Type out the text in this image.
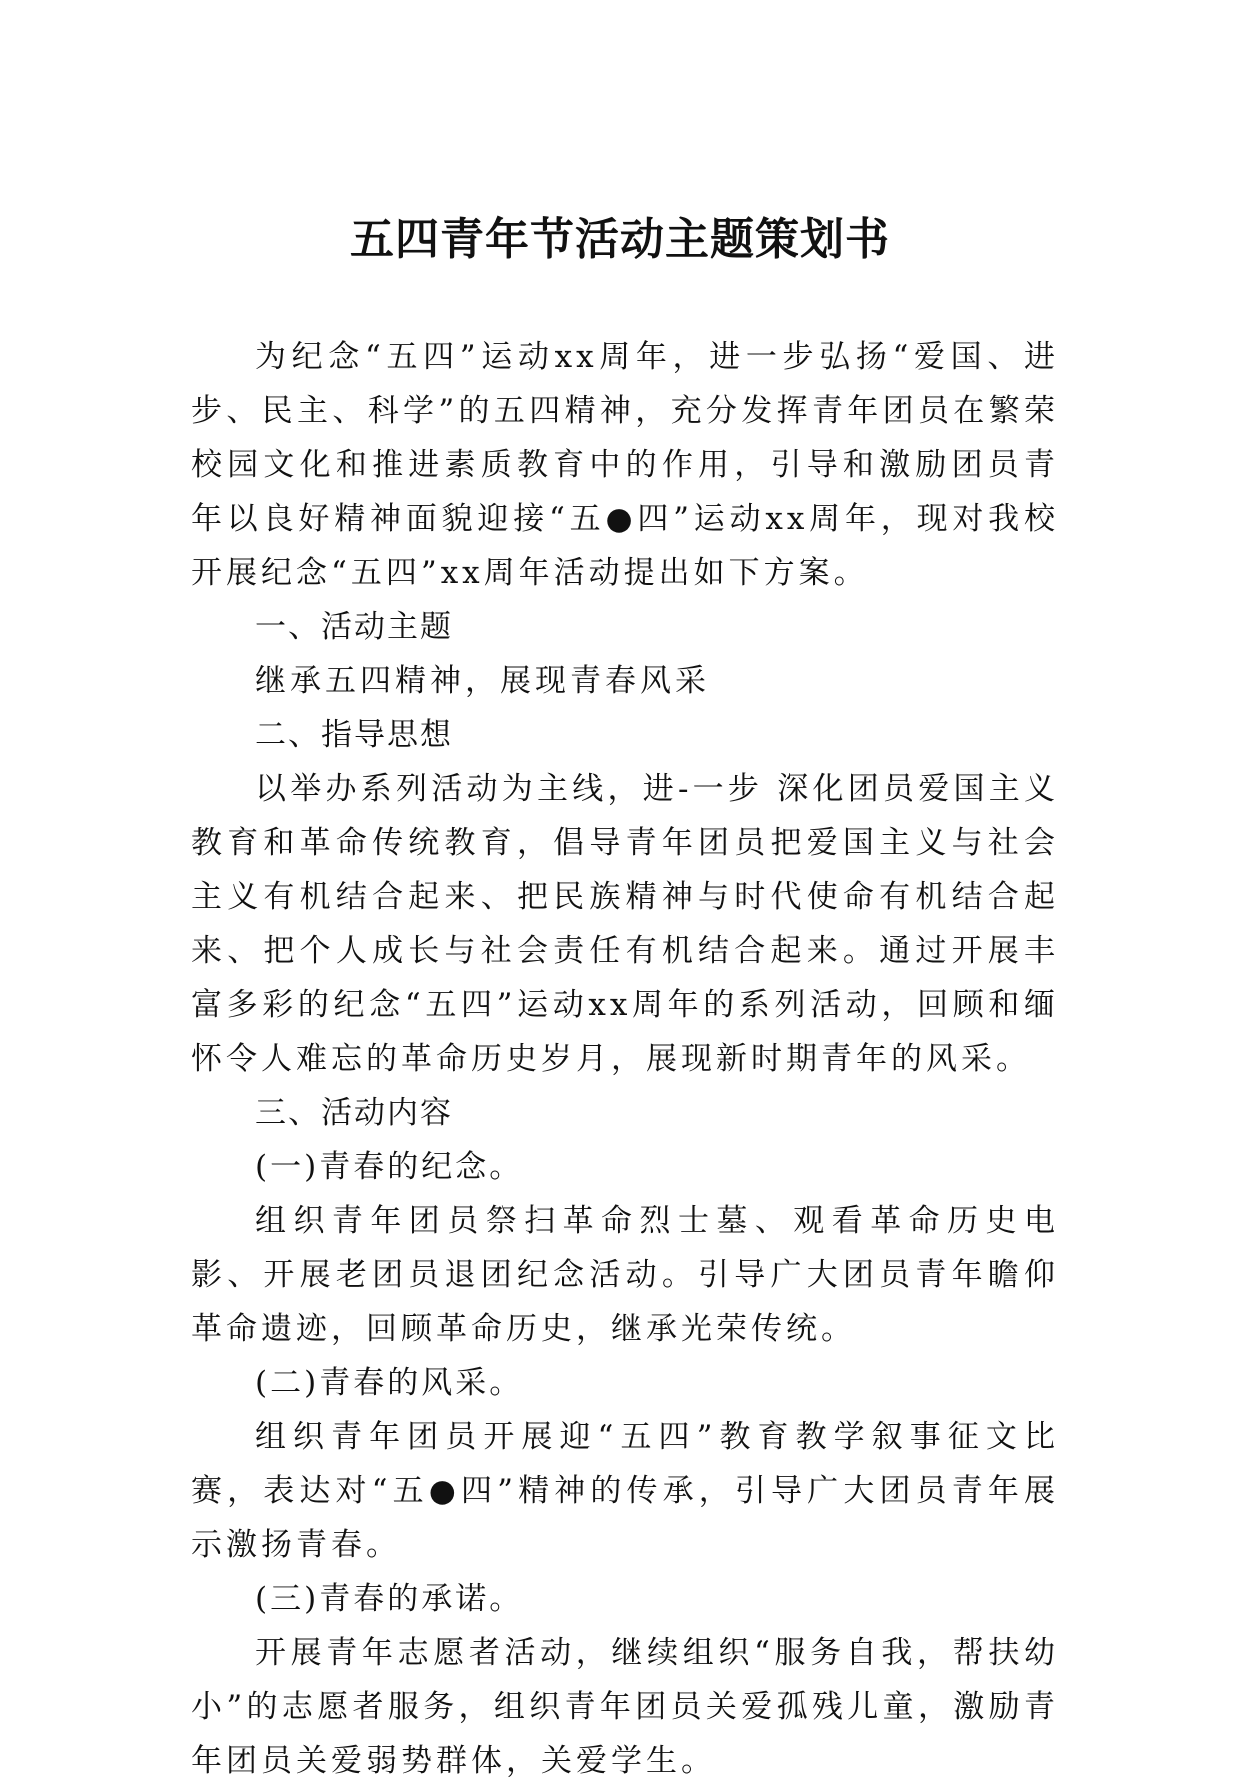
五四青年节活动主题策划书

为纪念“五四”运动xx周年，进一步弘扬“爱国、进步、民主、科学”的五四精神，充分发挥青年团员在繁荣校园文化和推进素质教育中的作用，引导和激励团员青年以良好精神面貌迎接“五●四”运动xx周年，现对我校开展纪念“五四”xx周年活动提出如下方案。

一、活动主题

继承五四精神，展现青春风采

二、指导思想

以举办系列活动为主线，进-一步 深化团员爱国主义教育和革命传统教育，倡导青年团员把爱国主义与社会主义有机结合起来、把民族精神与时代使命有机结合起来、把个人成长与社会责任有机结合起来。通过开展丰富多彩的纪念“五四”运动xx周年的系列活动，回顾和缅怀令人难忘的革命历史岁月，展现新时期青年的风采。

三、活动内容

(一)青春的纪念。

组织青年团员祭扫革命烈士墓、观看革命历史电影、开展老团员退团纪念活动。引导广大团员青年瞻仰革命遗迹，回顾革命历史，继承光荣传统。

(二)青春的风采。

组织青年团员开展迎“五四”教育教学叙事征文比赛，表达对“五●四”精神的传承，引导广大团员青年展示激扬青春。

(三)青春的承诺。

开展青年志愿者活动，继续组织“服务自我，帮扶幼小”的志愿者服务，组织青年团员关爱孤残儿童，激励青年团员关爱弱势群体，关爱学生。
